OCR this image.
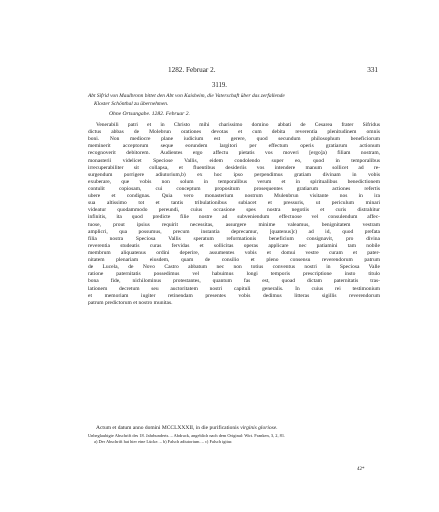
1282. Februar 2.	331
3119.
Abt Sifrid von Maulbronn bittet den Abt von Kaisheim, die Vaterschaft über das zerfallende
Kloster Schönthal zu übernehmen.
Ohne Ortsangabe. 1282. Februar 2.
Venerabili patri et in Christo mihi charissimo domino abbati de Cesarea frater Sifridus
dictus abbas de Molebrun orationes devotas et cum debita reverentia plenitudinem omnis
boni. Non mediocre plane iudicium est gerere, quod secundum philosophum beneficiorum
meminerit acceptorum seque eorundem largitori per effectum operis gratiarum actionum
recognoverit debitorem. Audientes ergo affectu pietatis vos moveri [ergo]a) filiam nostram,
monasterii videlicet Speciose Vallis, eidem condolendo super eo, quod in temporalibus
irrecuperabiliter sit collapsa, et fluentibus desideriis vos intendere manum sollicet ad re-
surgendum porrigere adiutorium,b) ex hoc ipso perpendimus gratiam divinam in vobis
exuberare, que vobis non solum in temporalibus verum et in spiritualibus benedictionem
contulit copiosam, cui conceptum propositum prosequentes gratiarum actiones refertis
ubere et condignas. Quia vero monasterium nostrum Mulenbrun visitante nos in ira
sua altissimo tot et tantis tribulationibus subiacet et pressuris, ut periculum minari
videatur quodammodo pereundi, cuius occasione spes nostra negotiis et curis distrahitur
infinitis, ita quod predicte filie nostre ad subveniendum effectuose vel consulendum affec-
tuose, prout ipsius requirit necessitas, assurgere minime valeamus, benignitatem vestram
amplicri, qua possumus, precum instantia deprecamur, [quatenus]c) ad id, quod prefata
filia nostra Speciosa Vallis speratum reformationis beneficium consignavit, pro divina
reverentia studeatis curas fervidas et sollicitas operas applicare nec patiamini tam nobile
membrum aliquatenus ordini deperire, assumentes vobis et domui vestre curam et pater-
nitatem plenariam eiusdem, quam de consilio et pleno consensu reverendorum patrum
de Lucela, de Novo Castro abbatum nec non totius conventus nostri in Speciosa Valle
ratione paternitatis possedimus vel habuimus longi temporis prescriptione insto titulo
bona fide, nichilominus protestantes, quantum fas est, quoad dictam paternitatis tras-
lationem decretum seu auctoritatem nostri capituli generalis. In cuius rei testimonium
et memoriam iugiter retinendam presentes vobis dedimus litteras sigillis reverendorum
patrum predictorum et nostro munitas.
Actum et datum anno domini MCCLXXXII, in die purificationis virginis gloriose.
Unbeglaubigte Abschrift des 18. Jahrhunderts. – Abdruck, angeblich nach dem Original: Wirt. Franken, 3, 2, 81.
a) Der Abschrift hat hier eine Lücke. – b) Falsch adiutorium. – c) Falsch igitur.
42*
